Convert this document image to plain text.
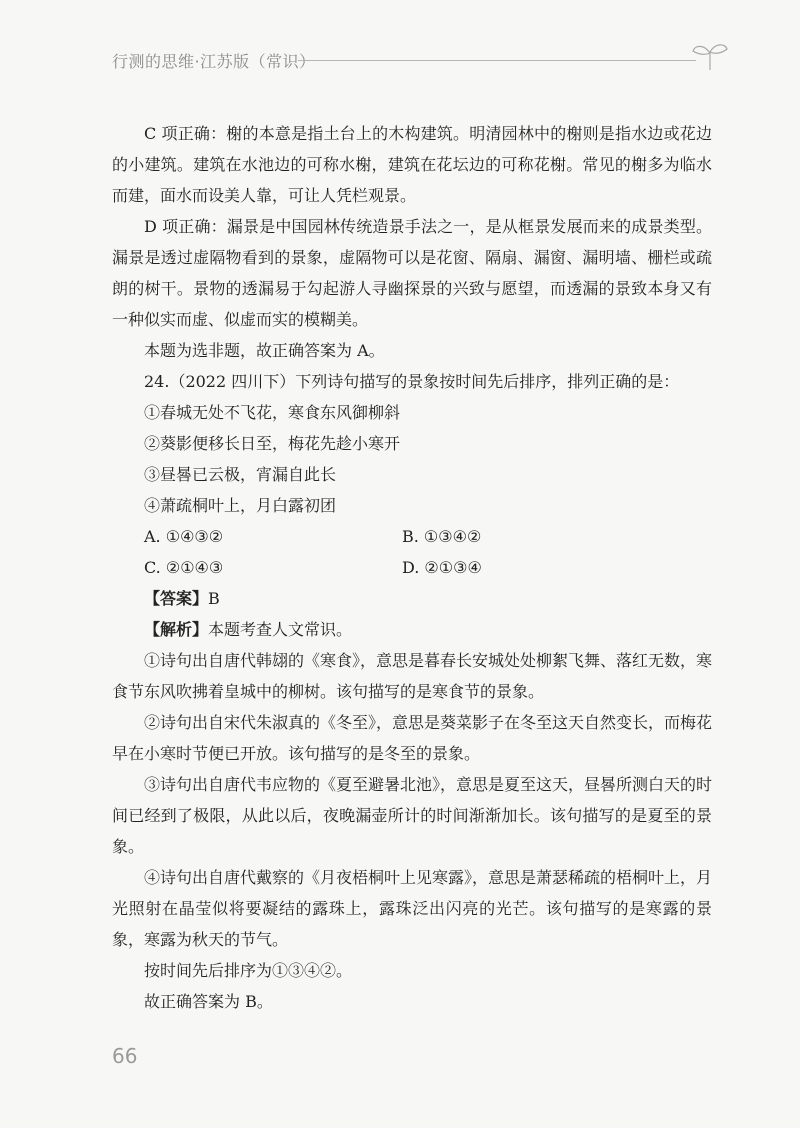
行测的思维·江苏版（常识）

C 项正确：榭的本意是指土台上的木构建筑。明清园林中的榭则是指水边或花边的小建筑。建筑在水池边的可称水榭，建筑在花坛边的可称花榭。常见的榭多为临水而建，面水而设美人靠，可让人凭栏观景。

D 项正确：漏景是中国园林传统造景手法之一，是从框景发展而来的成景类型。漏景是透过虚隔物看到的景象，虚隔物可以是花窗、隔扇、漏窗、漏明墙、栅栏或疏朗的树干。景物的透漏易于勾起游人寻幽探景的兴致与愿望，而透漏的景致本身又有一种似实而虚、似虚而实的模糊美。

本题为选非题，故正确答案为 A。

24.（2022 四川下）下列诗句描写的景象按时间先后排序，排列正确的是：

①春城无处不飞花，寒食东风御柳斜

②葵影便移长日至，梅花先趁小寒开

③昼晷已云极，宵漏自此长

④萧疏桐叶上，月白露初团

A. ①④③②	B. ①③④②
C. ②①④③	D. ②①③④

【答案】B

【解析】本题考查人文常识。

①诗句出自唐代韩翃的《寒食》，意思是暮春长安城处处柳絮飞舞、落红无数，寒食节东风吹拂着皇城中的柳树。该句描写的是寒食节的景象。

②诗句出自宋代朱淑真的《冬至》，意思是葵菜影子在冬至这天自然变长，而梅花早在小寒时节便已开放。该句描写的是冬至的景象。

③诗句出自唐代韦应物的《夏至避暑北池》，意思是夏至这天，昼晷所测白天的时间已经到了极限，从此以后，夜晚漏壶所计的时间渐渐加长。该句描写的是夏至的景象。

④诗句出自唐代戴察的《月夜梧桐叶上见寒露》，意思是萧瑟稀疏的梧桐叶上，月光照射在晶莹似将要凝结的露珠上，露珠泛出闪亮的光芒。该句描写的是寒露的景象，寒露为秋天的节气。

按时间先后排序为①③④②。

故正确答案为 B。

66
